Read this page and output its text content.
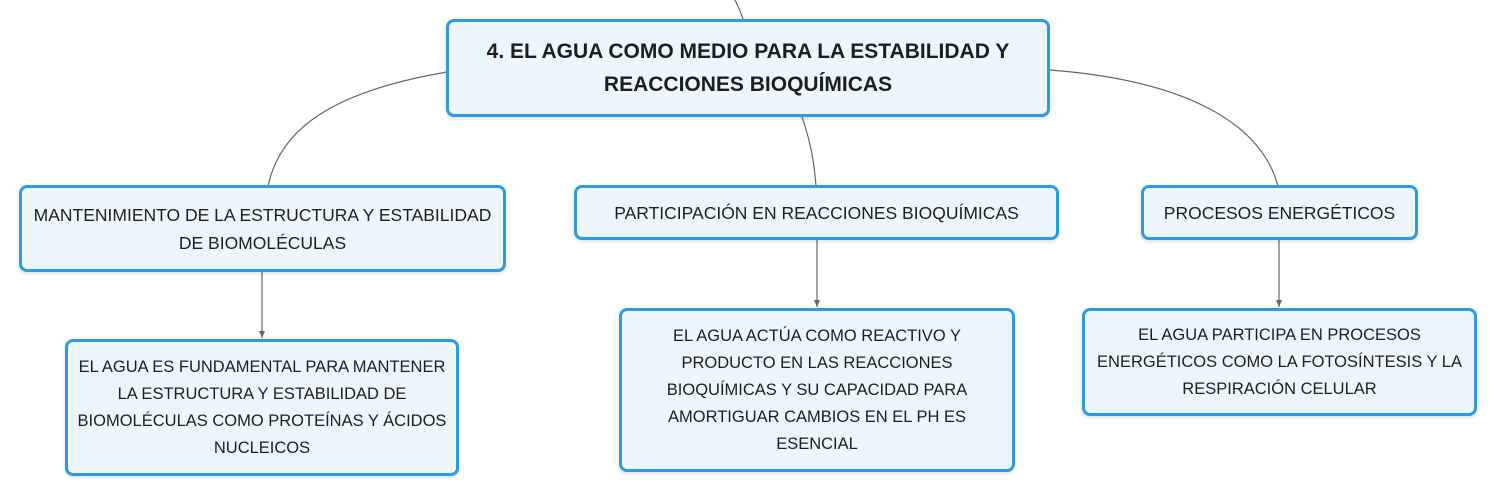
4. EL AGUA COMO MEDIO PARA LA ESTABILIDAD Y REACCIONES BIOQUÍMICAS
MANTENIMIENTO DE LA ESTRUCTURA Y ESTABILIDAD DE BIOMOLÉCULAS
PARTICIPACIÓN EN REACCIONES BIOQUÍMICAS	PROCESOS ENERGÉTICOS
EL AGUA ES FUNDAMENTAL PARA MANTENER LA ESTRUCTURA Y ESTABILIDAD DE BIOMOLÉCULAS COMO PROTEÍNAS Y ÁCIDOS NUCLEICOS
EL AGUA ACTÚA COMO REACTIVO Y PRODUCTO EN LAS REACCIONES BIOQUÍMICAS Y SU CAPACIDAD PARA AMORTIGUAR CAMBIOS EN EL PH ES ESENCIAL
EL AGUA PARTICIPA EN PROCESOS ENERGÉTICOS COMO LA FOTOSÍNTESIS Y LA RESPIRACIÓN CELULAR
